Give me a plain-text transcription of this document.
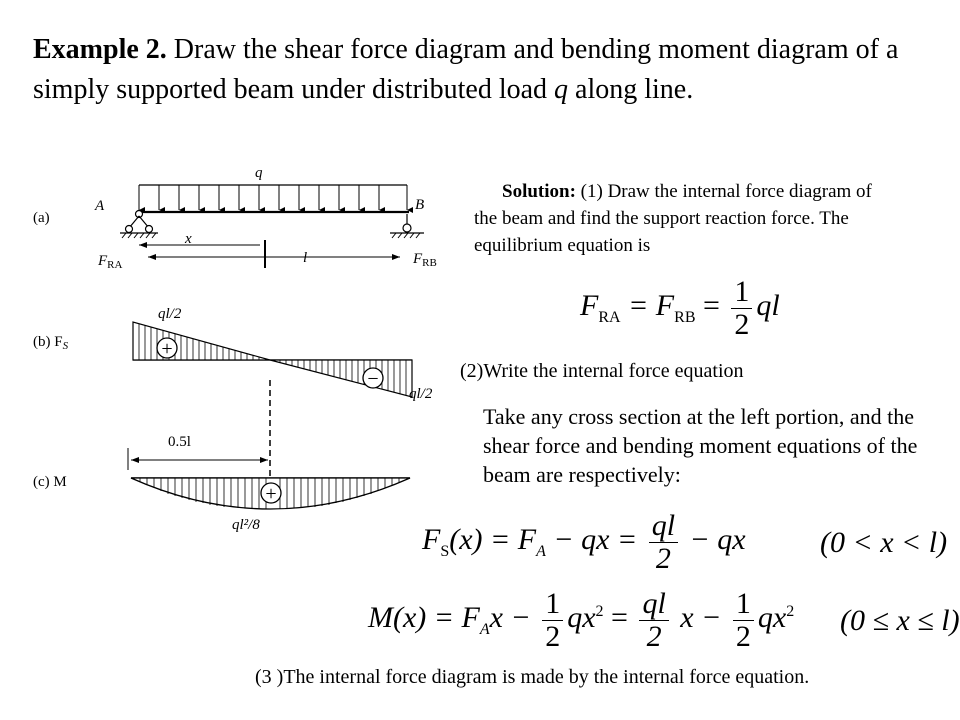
Example 2. Draw the shear force diagram and bending moment diagram of a simply supported beam under distributed load q along line.
Solution: (1) Draw the internal force diagram of the beam and find the support reaction force. The equilibrium equation is
$F_{RA} = F_{RB} = \frac{1}{2}$ ql
(2)Write the internal force equation
Take any cross section at the left portion, and the shear force and bending moment equations of the beam are respectively:
$F_S(x) = F_A$ − qx = $\frac{ql}{2}$ − qx (0 < x < l)
$M(x) = F_Ax - \frac{1}{2} qx^2 = \frac{ql}{2}$ $x - \frac{1}{2} qx^2$ (0 ≤ x ≤ l)
(3 )The internal force diagram is made by the internal force equation.
(a)
q
A	B
x
l
$F_{RA}$	$F_{RB}$
(b) $F_S$
ql/2
+
−
ql/2
(c) M
0.5l
+
ql²/8
